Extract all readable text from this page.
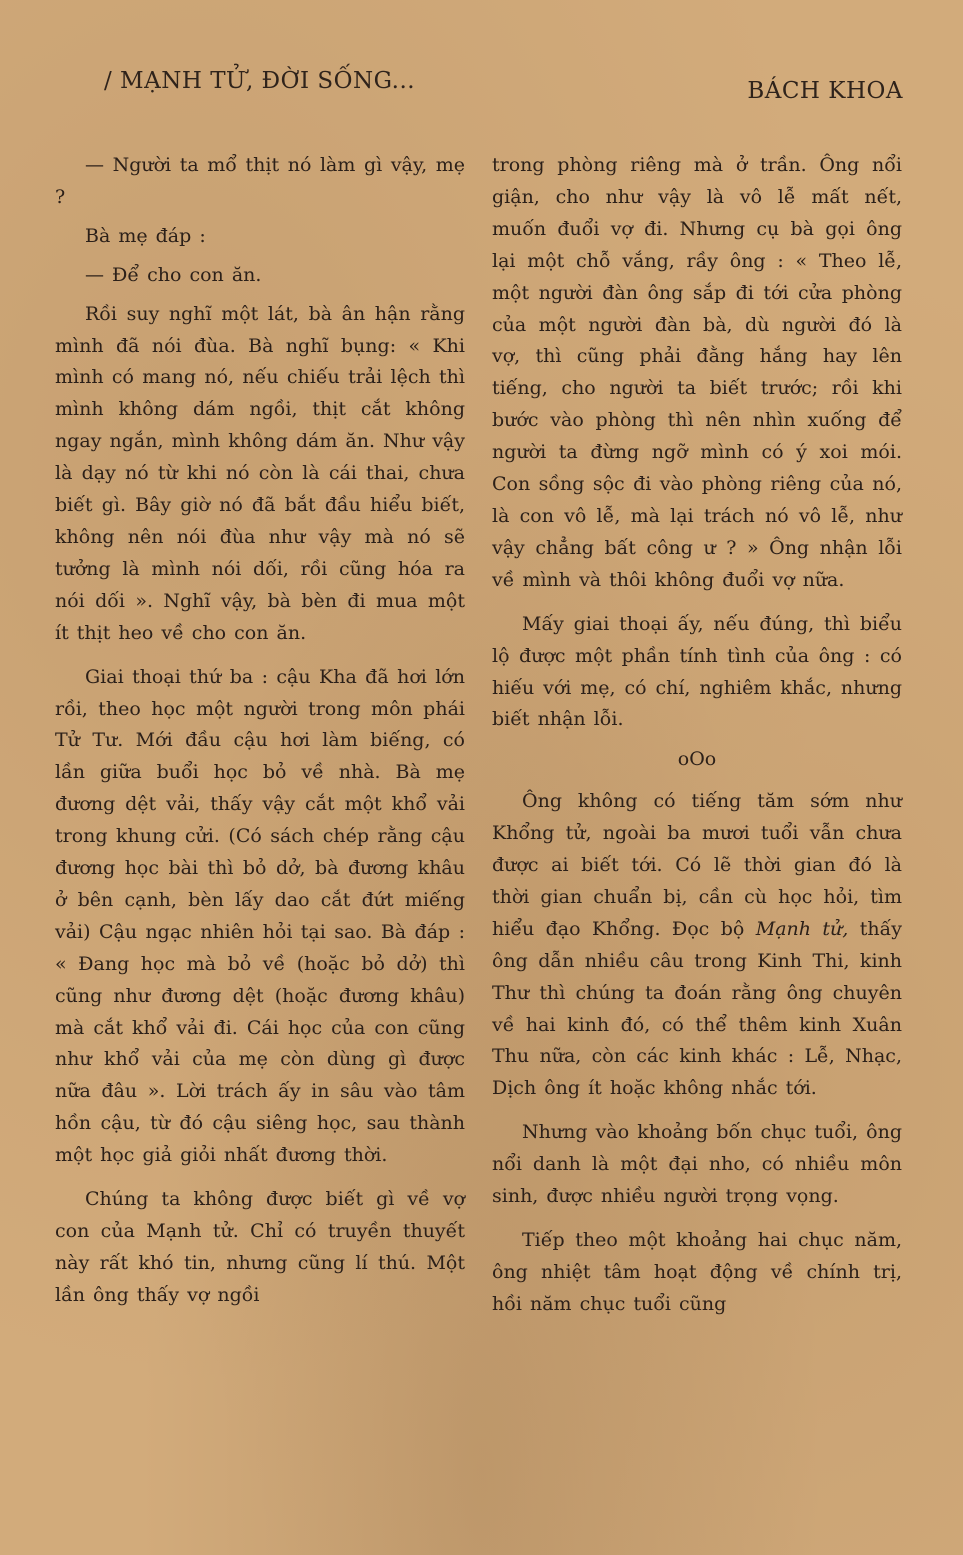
/ MẠNH TỬ, ĐỜI SỐNG...	BÁCH KHOA

— Người ta mổ thịt nó làm gì vậy, mẹ ?

Bà mẹ đáp :

— Để cho con ăn.

Rồi suy nghĩ một lát, bà ân hận rằng mình đã nói đùa. Bà nghĩ bụng: « Khi mình có mang nó, nếu chiếu trải lệch thì mình không dám ngồi, thịt cắt không ngay ngắn, mình không dám ăn. Như vậy là dạy nó từ khi nó còn là cái thai, chưa biết gì. Bây giờ nó đã bắt đầu hiểu biết, không nên nói đùa như vậy mà nó sẽ tưởng là mình nói dối, rồi cũng hóa ra nói dối ». Nghĩ vậy, bà bèn đi mua một ít thịt heo về cho con ăn.

Giai thoại thứ ba : cậu Kha đã hơi lớn rồi, theo học một người trong môn phái Tử Tư. Mới đầu cậu hơi làm biếng, có lần giữa buổi học bỏ về nhà. Bà mẹ đương dệt vải, thấy vậy cắt một khổ vải trong khung cửi. (Có sách chép rằng cậu đương học bài thì bỏ dở, bà đương khâu ở bên cạnh, bèn lấy dao cắt đứt miếng vải) Cậu ngạc nhiên hỏi tại sao. Bà đáp : « Đang học mà bỏ về (hoặc bỏ dở) thì cũng như đương dệt (hoặc đương khâu) mà cắt khổ vải đi. Cái học của con cũng như khổ vải của mẹ còn dùng gì được nữa đâu ». Lời trách ấy in sâu vào tâm hồn cậu, từ đó cậu siêng học, sau thành một học giả giỏi nhất đương thời.

Chúng ta không được biết gì về vợ con của Mạnh tử. Chỉ có truyền thuyết này rất khó tin, nhưng cũng lí thú. Một lần ông thấy vợ ngồi

trong phòng riêng mà ở trần. Ông nổi giận, cho như vậy là vô lễ mất nết, muốn đuổi vợ đi. Nhưng cụ bà gọi ông lại một chỗ vắng, rầy ông : « Theo lễ, một người đàn ông sắp đi tới cửa phòng của một người đàn bà, dù người đó là vợ, thì cũng phải đằng hắng hay lên tiếng, cho người ta biết trước; rồi khi bước vào phòng thì nên nhìn xuống để người ta đừng ngỡ mình có ý xoi mói. Con sồng sộc đi vào phòng riêng của nó, là con vô lễ, mà lại trách nó vô lễ, như vậy chẳng bất công ư ? » Ông nhận lỗi về mình và thôi không đuổi vợ nữa.

Mấy giai thoại ấy, nếu đúng, thì biểu lộ được một phần tính tình của ông : có hiếu với mẹ, có chí, nghiêm khắc, nhưng biết nhận lỗi.

oOo

Ông không có tiếng tăm sớm như Khổng tử, ngoài ba mươi tuổi vẫn chưa được ai biết tới. Có lẽ thời gian đó là thời gian chuẩn bị, cần cù học hỏi, tìm hiểu đạo Khổng. Đọc bộ Mạnh tử, thấy ông dẫn nhiều câu trong Kinh Thi, kinh Thư thì chúng ta đoán rằng ông chuyên về hai kinh đó, có thể thêm kinh Xuân Thu nữa, còn các kinh khác : Lễ, Nhạc, Dịch ông ít hoặc không nhắc tới.

Nhưng vào khoảng bốn chục tuổi, ông nổi danh là một đại nho, có nhiều môn sinh, được nhiều người trọng vọng.

Tiếp theo một khoảng hai chục năm, ông nhiệt tâm hoạt động về chính trị, hồi năm chục tuổi cũng
